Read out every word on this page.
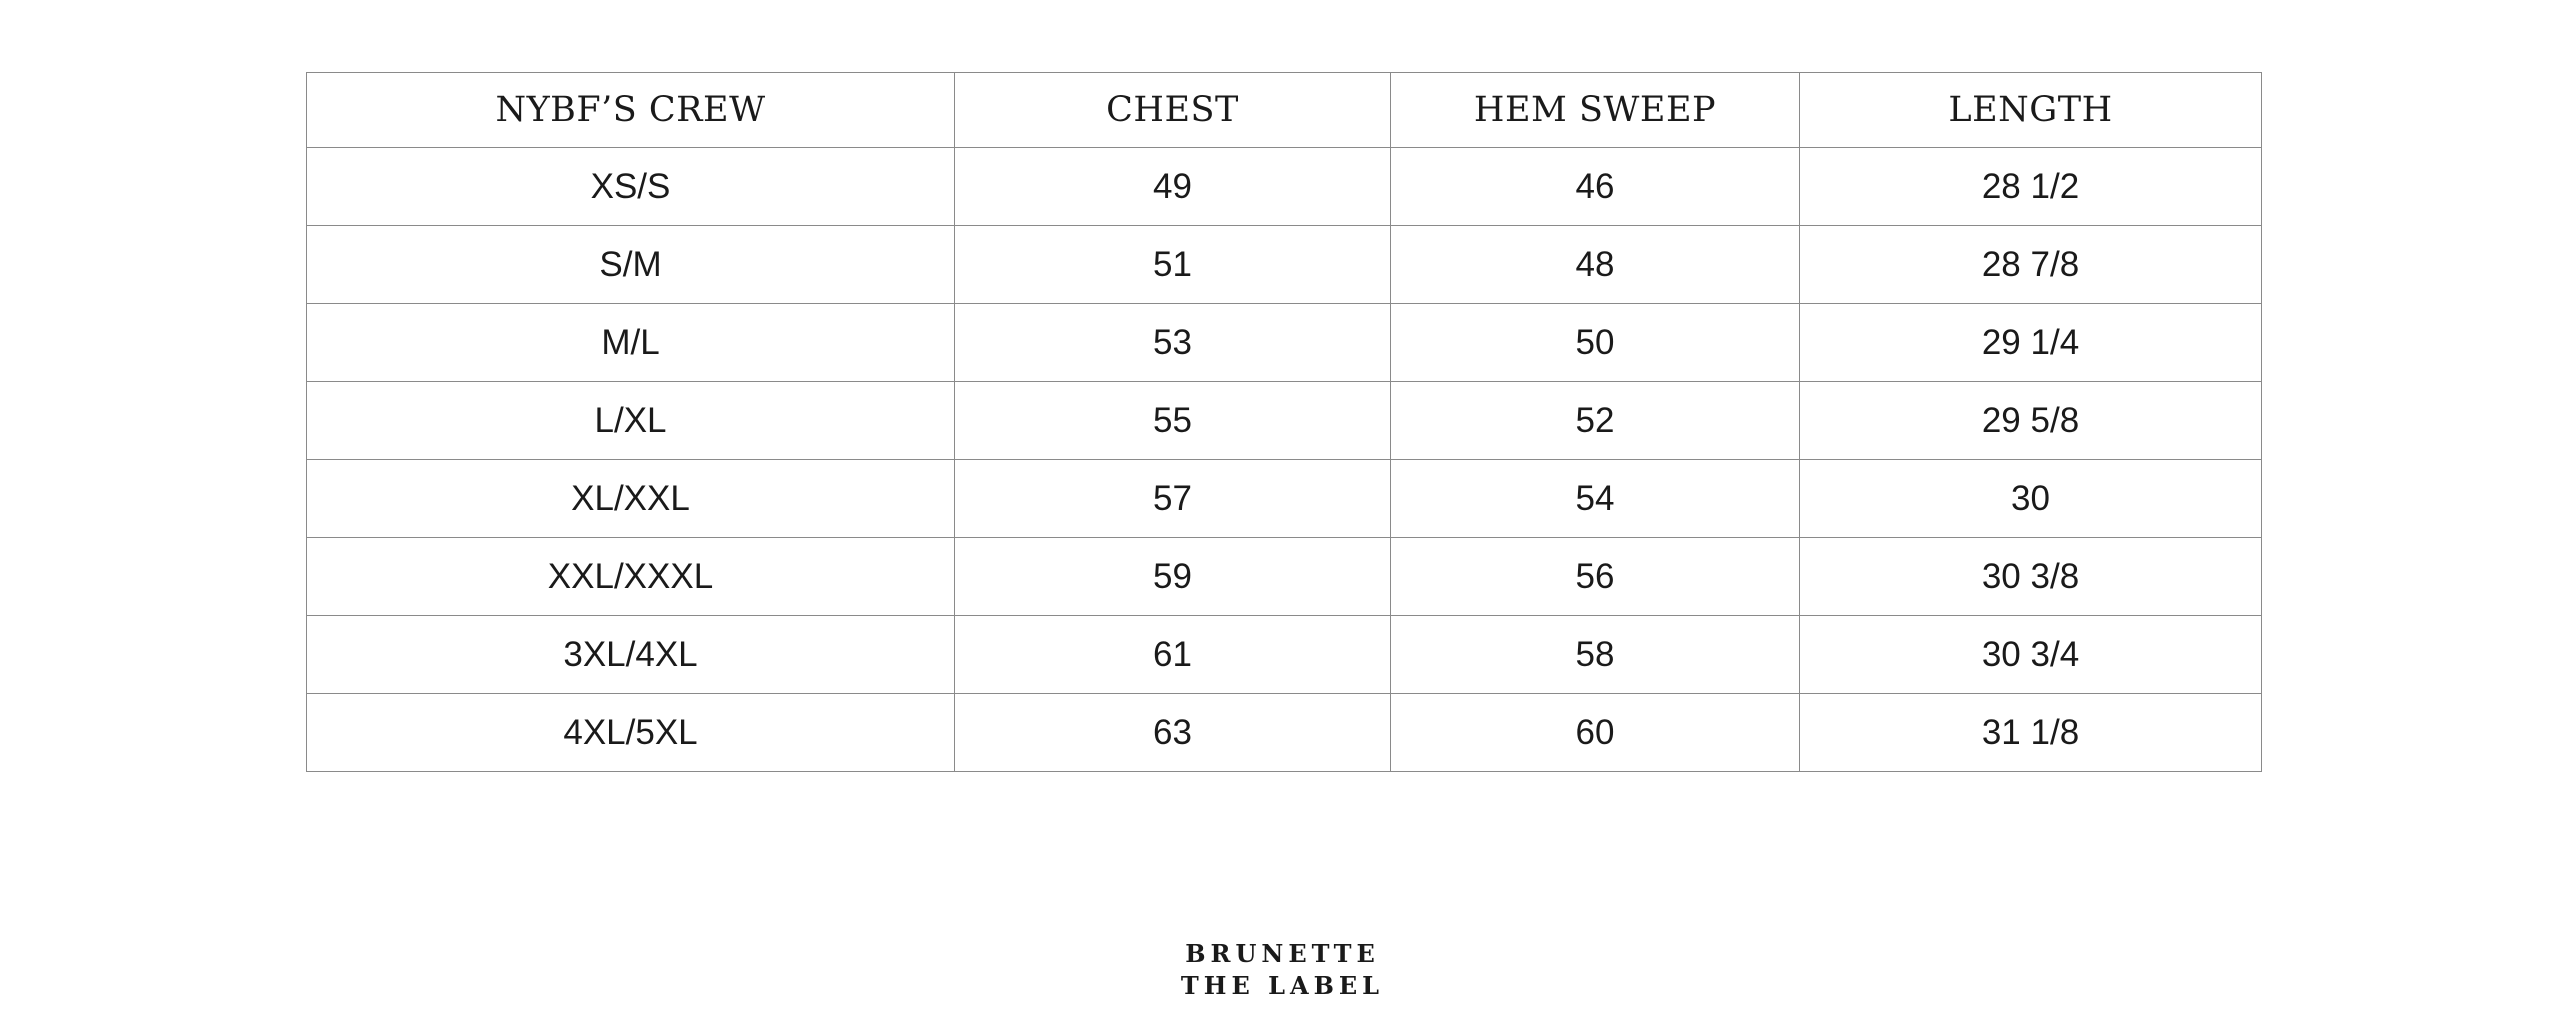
NYBF’S CREW	CHEST	HEM SWEEP	LENGTH
XS/S	49	46	28 1/2
S/M	51	48	28 7/8
M/L	53	50	29 1/4
L/XL	55	52	29 5/8
XL/XXL	57	54	30
XXL/XXXL	59	56	30 3/8
3XL/4XL	61	58	30 3/4
4XL/5XL	63	60	31 1/8
BRUNETTE
THE LABEL
